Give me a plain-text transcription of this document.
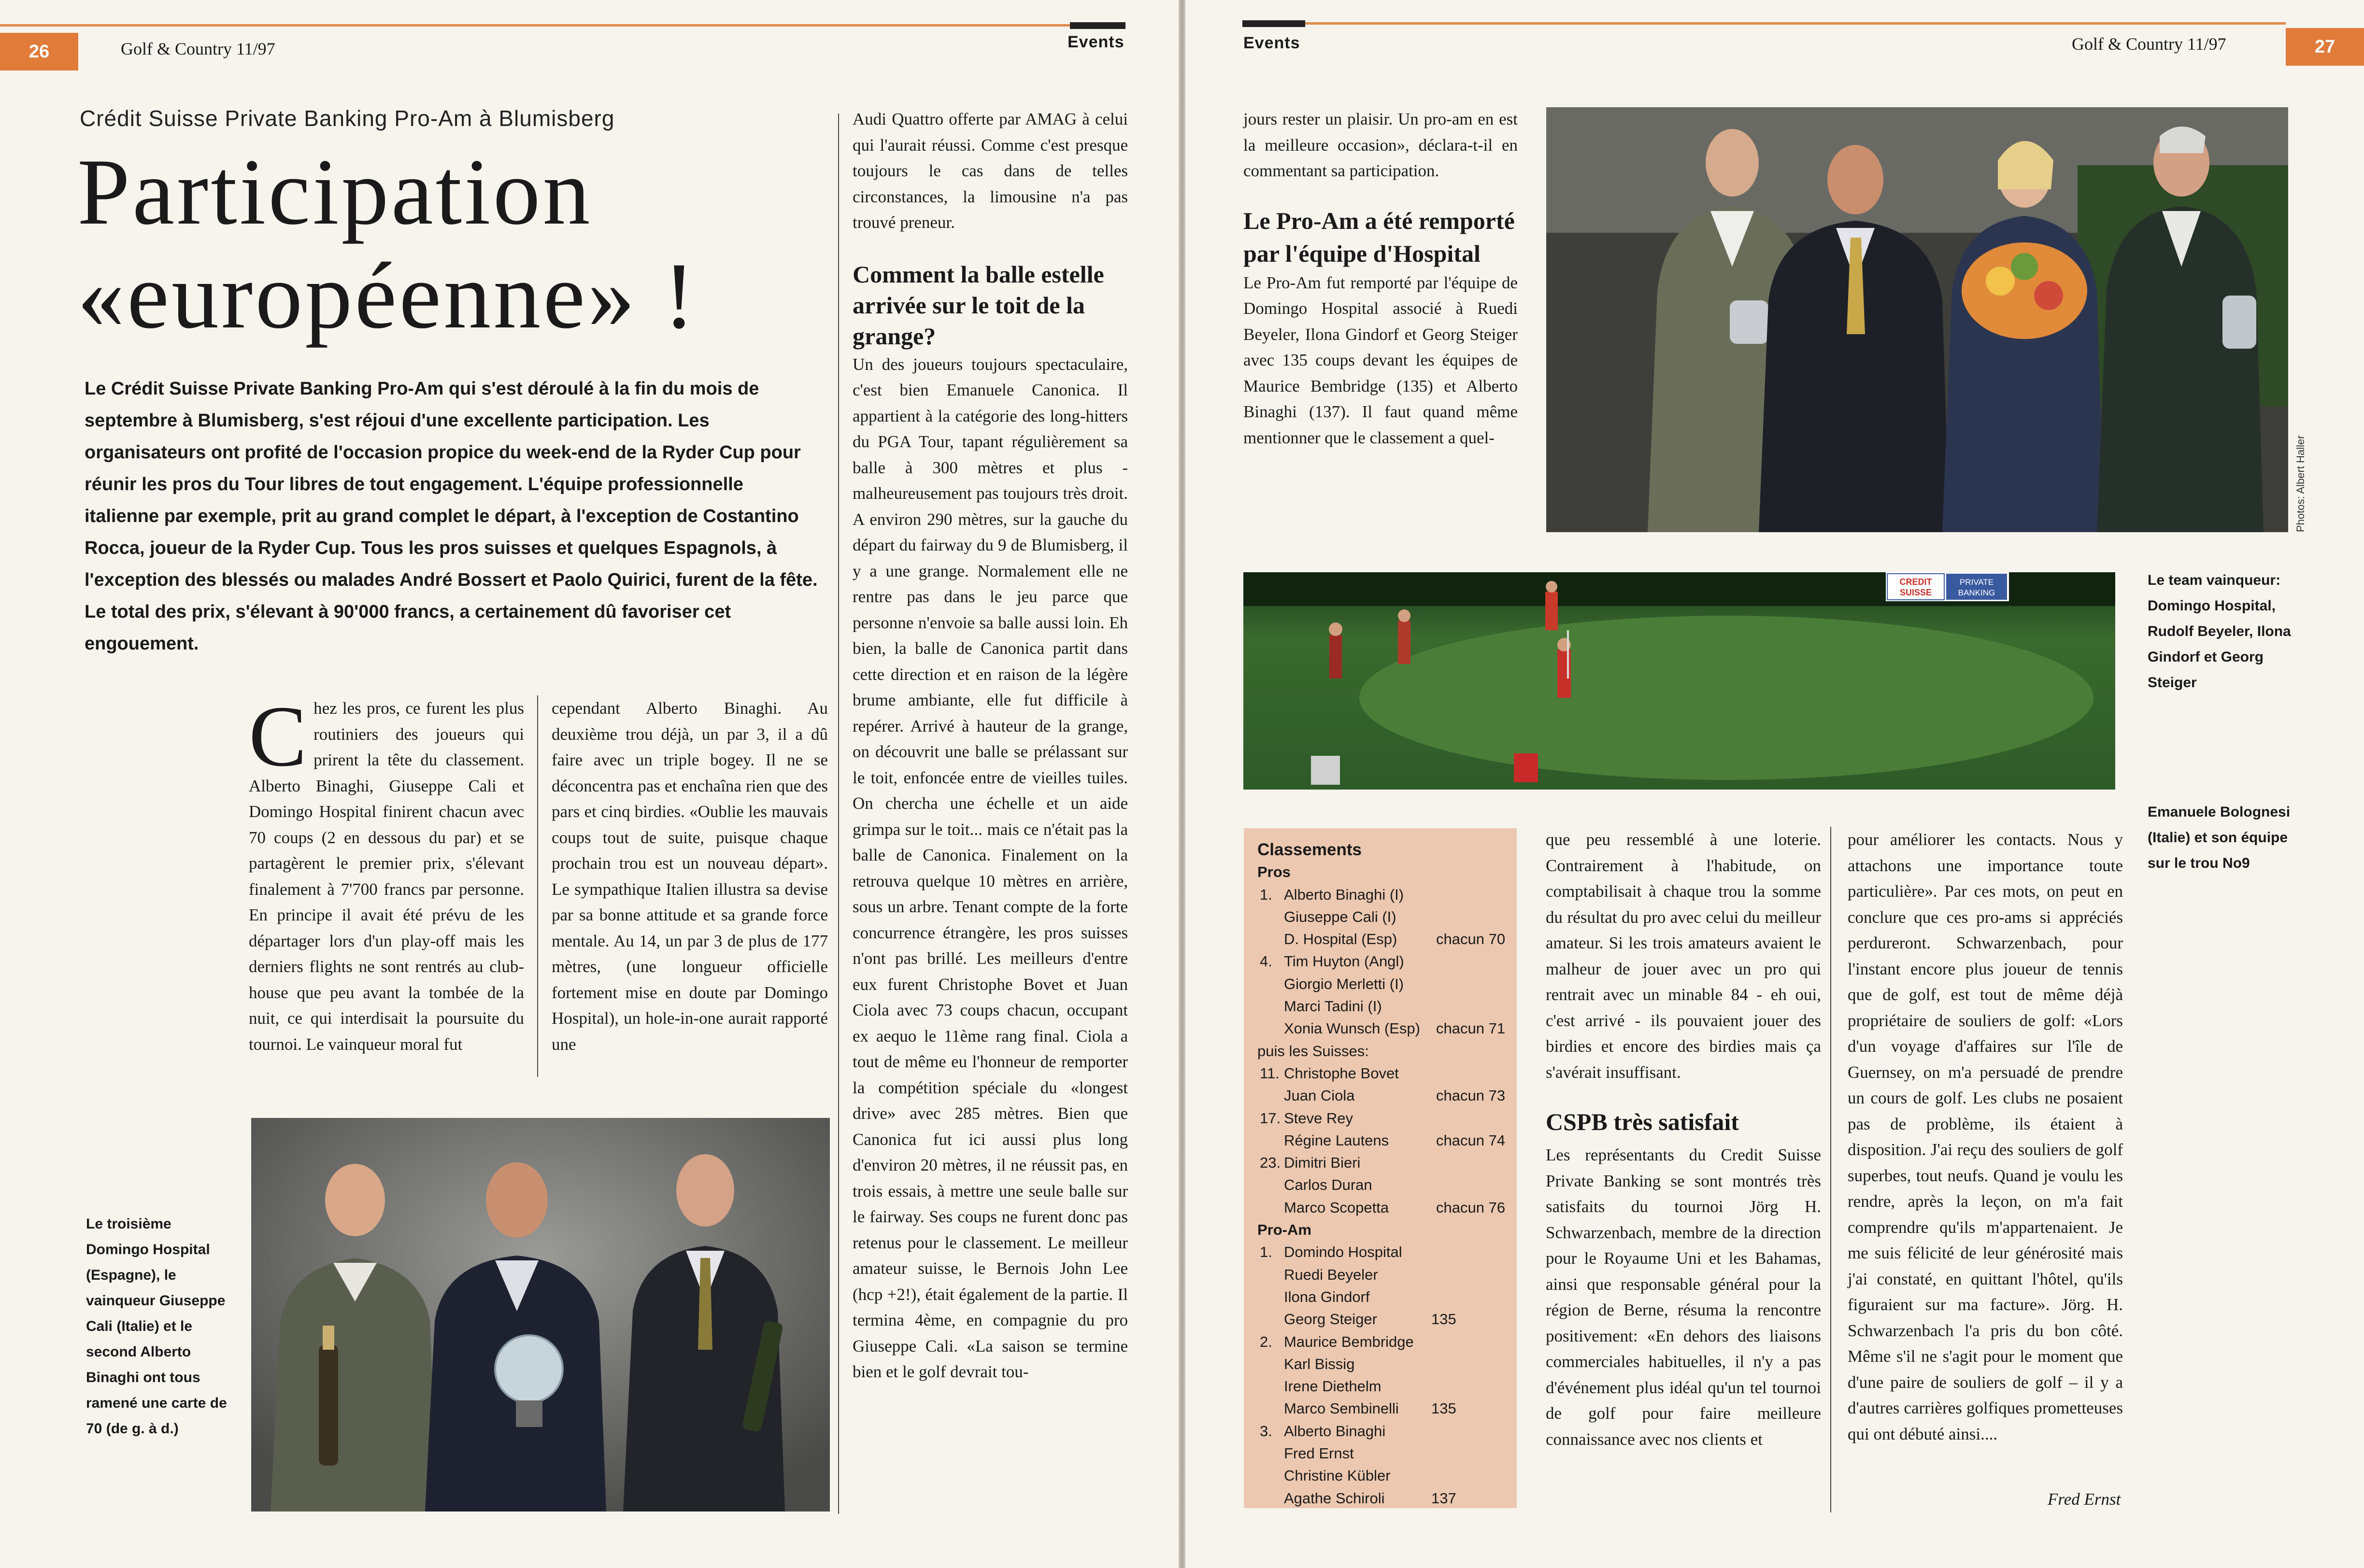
26	Golf & Country 11/97	Events
Crédit Suisse Private Banking Pro-Am à Blumisberg
Participation
«européenne» !
Le Crédit Suisse Private Banking Pro-Am qui s'est déroulé à la fin du mois de septembre à Blumisberg, s'est réjoui d'une excellente participation. Les organisateurs ont profité de l'occasion propice du week-end de la Ryder Cup pour réunir les pros du Tour libres de tout engagement. L'équipe professionnelle italienne par exemple, prit au grand complet le départ, à l'exception de Costantino Rocca, joueur de la Ryder Cup. Tous les pros suisses et quelques Espagnols, à l'exception des blessés ou malades André Bossert et Paolo Quirici, furent de la fête. Le total des prix, s'élevant à 90'000 francs, a certainement dû favoriser cet engouement.

Chez les pros, ce furent les plus routiniers des joueurs qui prirent la tête du classement. Alberto Binaghi, Giuseppe Cali et Domingo Hospital finirent chacun avec 70 coups (2 en dessous du par) et se partagèrent le premier prix, s'élevant finalement à 7'700 francs par personne. En principe il avait été prévu de les départager lors d'un play-off mais les derniers flights ne sont rentrés au club-house que peu avant la tombée de la nuit, ce qui interdisait la poursuite du tournoi. Le vainqueur moral fut

cependant Alberto Binaghi. Au deuxième trou déjà, un par 3, il a dû faire avec un triple bogey. Il ne se déconcentra pas et enchaîna rien que des pars et cinq birdies. «Oublie les mauvais coups tout de suite, puisque chaque prochain trou est un nouveau départ». Le sympathique Italien illustra sa devise par sa bonne attitude et sa grande force mentale. Au 14, un par 3 de plus de 177 mètres, (une longueur officielle fortement mise en doute par Domingo Hospital), un hole-in-one aurait rapporté une

Audi Quattro offerte par AMAG à celui qui l'aurait réussi. Comme c'est presque toujours le cas dans de telles circonstances, la limousine n'a pas trouvé preneur.

Comment la balle estelle arrivée sur le toit de la grange?

Un des joueurs toujours spectaculaire, c'est bien Emanuele Canonica. Il appartient à la catégorie des long-hitters du PGA Tour, tapant régulièrement sa balle à 300 mètres et plus - malheureusement pas toujours très droit. A environ 290 mètres, sur la gauche du départ du fairway du 9 de Blumisberg, il y a une grange. Normalement elle ne rentre pas dans le jeu parce que personne n'envoie sa balle aussi loin. Eh bien, la balle de Canonica partit dans cette direction et en raison de la légère brume ambiante, elle fut difficile à repérer. Arrivé à hauteur de la grange, on découvrit une balle se prélassant sur le toit, enfoncée entre de vieilles tuiles. On chercha une échelle et un aide grimpa sur le toit... mais ce n'était pas la balle de Canonica. Finalement on la retrouva quelque 10 mètres en arrière, sous un arbre. Tenant compte de la forte concurrence étrangère, les pros suisses n'ont pas brillé. Les meilleurs d'entre eux furent Christophe Bovet et Juan Ciola avec 73 coups chacun, occupant ex aequo le 11ème rang final. Ciola a tout de même eu l'honneur de remporter la compétition spéciale du «longest drive» avec 285 mètres. Bien que Canonica fut ici aussi plus long d'environ 20 mètres, il ne réussit pas, en trois essais, à mettre une seule balle sur le fairway. Ses coups ne furent donc pas retenus pour le classement. Le meilleur amateur suisse, le Bernois John Lee (hcp +2!), était également de la partie. Il termina 4ème, en compagnie du pro Giuseppe Cali. «La saison se termine bien et le golf devrait tou-

Le troisième Domingo Hospital (Espagne), le vainqueur Giuseppe Cali (Italie) et le second Alberto Binaghi ont tous ramené une carte de 70 (de g. à d.)
Events	Golf & Country 11/97	27

jours rester un plaisir. Un pro-am en est la meilleure occasion», déclara-t-il en commentant sa participation.

Le Pro-Am a été remporté par l'équipe d'Hospital

Le Pro-Am fut remporté par l'équipe de Domingo Hospital associé à Ruedi Beyeler, Ilona Gindorf et Georg Steiger avec 135 coups devant les équipes de Maurice Bembridge (135) et Alberto Binaghi (137). Il faut quand même mentionner que le classement a quel-	Photos: Albert Haller
CREDIT
SUISSE
PRIVATE
BANKING
Le team vainqueur: Domingo Hospital, Rudolf Beyeler, Ilona Gindorf et Georg Steiger
Emanuele Bolognesi (Italie) et son équipe sur le trou No9
Classements
Pros
1. Alberto Binaghi (I)
Giuseppe Cali (I)
D. Hospital (Esp)	chacun 70
4. Tim Huyton (Angl)
Giorgio Merletti (I)
Marci Tadini (I)
Xonia Wunsch (Esp) chacun 71
puis les Suisses:
11. Christophe Bovet
Juan Ciola	chacun 73
17. Steve Rey
Régine Lautens	chacun 74
23. Dimitri Bieri
Carlos Duran
Marco Scopetta	chacun 76
Pro-Am
1. Domindo Hospital
Ruedi Beyeler
Ilona Gindorf
Georg Steiger	135
2. Maurice Bembridge
Karl Bissig
Irene Diethelm
Marco Sembinelli 135
3. Alberto Binaghi
Fred Ernst
Christine Kübler
Agathe Schiroli	137

que peu ressemblé à une loterie. Contrairement à l'habitude, on comptabilisait à chaque trou la somme du résultat du pro avec celui du meilleur amateur. Si les trois amateurs avaient le malheur de jouer avec un pro qui rentrait avec un minable 84 - eh oui, c'est arrivé - ils pouvaient jouer des birdies et encore des birdies mais ça s'avérait insuffisant.

CSPB très satisfait

Les représentants du Credit Suisse Private Banking se sont montrés très satisfaits du tournoi Jörg H. Schwarzenbach, membre de la direction pour le Royaume Uni et les Bahamas, ainsi que responsable général pour la région de Berne, résuma la rencontre positivement: «En dehors des liaisons commerciales habituelles, il n'y a pas d'événement plus idéal qu'un tel tournoi de golf pour faire meilleure connaissance avec nos clients et

pour améliorer les contacts. Nous y attachons une importance toute particulière». Par ces mots, on peut en conclure que ces pro-ams si appréciés perdureront. Schwarzenbach, pour l'instant encore plus joueur de tennis que de golf, est tout de même déjà propriétaire de souliers de golf: «Lors d'un voyage d'affaires sur l'île de Guernsey, on m'a persuadé de prendre un cours de golf. Les clubs ne posaient pas de problème, ils étaient à disposition. J'ai reçu des souliers de golf superbes, tout neufs. Quand je voulu les rendre, après la leçon, on m'a fait comprendre qu'ils m'appartenaient. Je me suis félicité de leur générosité mais j'ai constaté, en quittant l'hôtel, qu'ils figuraient sur ma facture». Jörg. H. Schwarzenbach l'a pris du bon côté. Même s'il ne s'agit pour le moment que d'une paire de souliers de golf – il y a d'autres carrières golfiques prometteuses qui ont débuté ainsi....

Fred Ernst
